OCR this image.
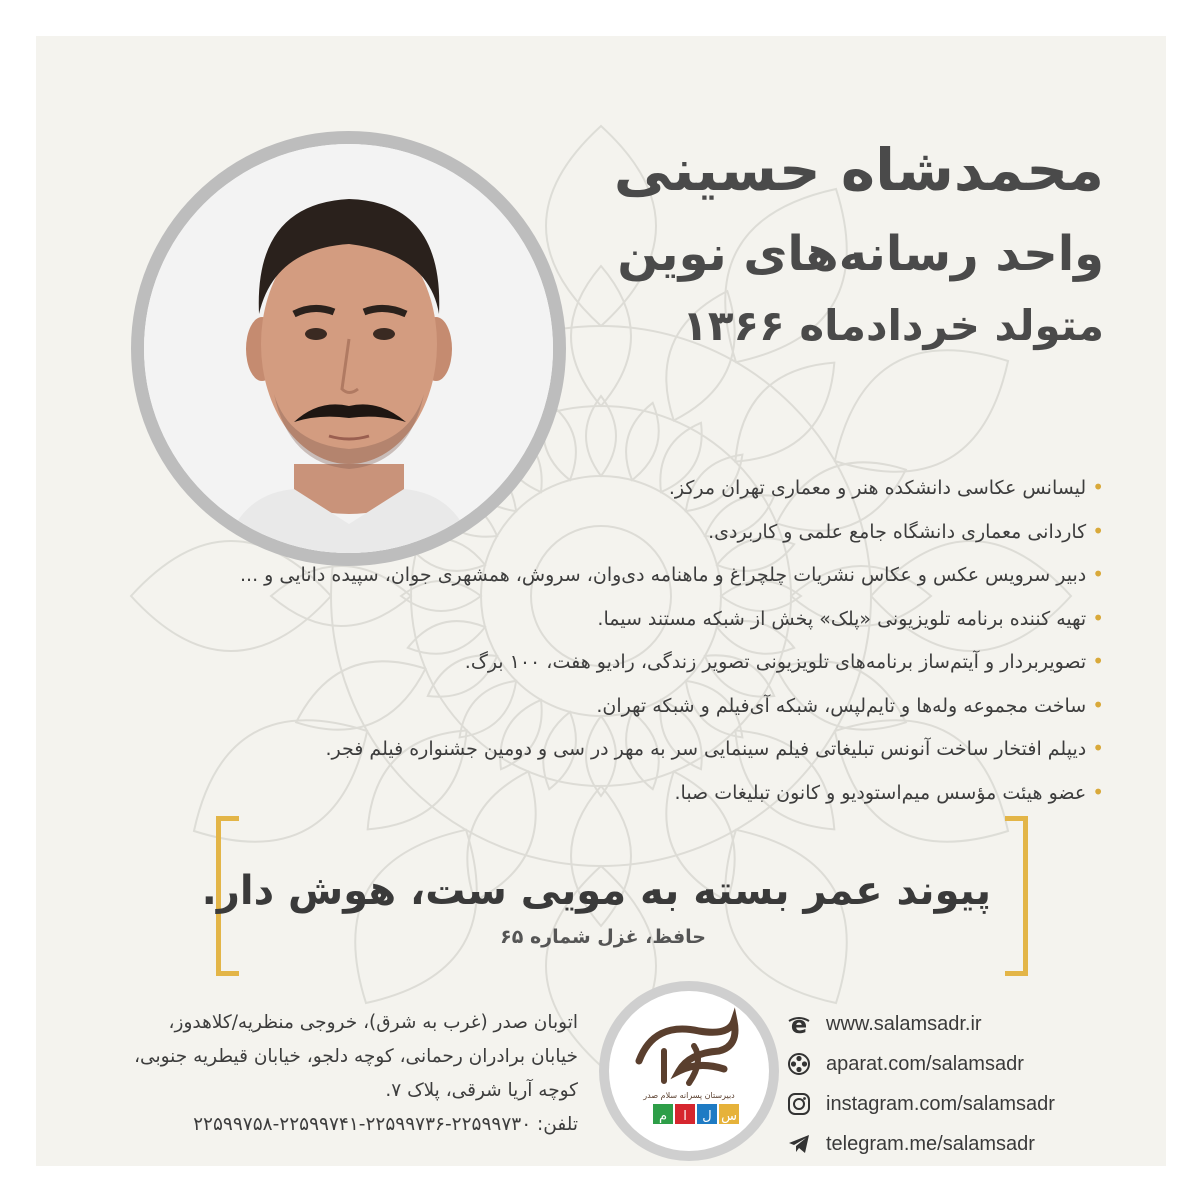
محمدشاه حسینی
واحد رسانه‌های نوین
متولد خردادماه ۱۳۶۶
•لیسانس عکاسی دانشکده هنر و معماری تهران مرکز.
•کاردانی معماری دانشگاه جامع علمی و کاربردی.
•دبیر سرویس عکس و عکاس نشریات چلچراغ و ماهنامه دی‌وان، سروش، همشهری جوان، سپیده دانایی و ...
•تهیه کننده برنامه تلویزیونی «پلک» پخش از شبکه مستند سیما.
•تصویربردار و آیتم‌ساز برنامه‌های تلویزیونی تصویر زندگی، رادیو هفت، ۱۰۰ برگ.
•ساخت مجموعه وله‌ها و تایم‌لپس، شبکه آی‌فیلم و شبکه تهران.
•دیپلم افتخار ساخت آنونس تبلیغاتی فیلم سینمایی سر به مهر در سی و دومین جشنواره فیلم فجر.
•عضو هیئت مؤسس میم‌استودیو و کانون تبلیغات صبا.
پیوند عمر بسته به مویی ست، هوش دار.
حافظ، غزل شماره ۶۵
اتوبان صدر (غرب به شرق)، خروجی منظریه/کلاهدوز،
خیابان برادران رحمانی، کوچه دلجو، خیابان قیطریه جنوبی،
کوچه آریا شرقی، پلاک ۷.
تلفن: ۲۲۵۹۹۷۳۰-۲۲۵۹۹۷۳۶-۲۲۵۹۹۷۴۱-۲۲۵۹۹۷۵۸
دبیرستان پسرانه سلام صدر
س
ل
ا
م
e www.salamsadr.ir
aparat.com/salamsadr
instagram.com/salamsadr
telegram.me/salamsadr
